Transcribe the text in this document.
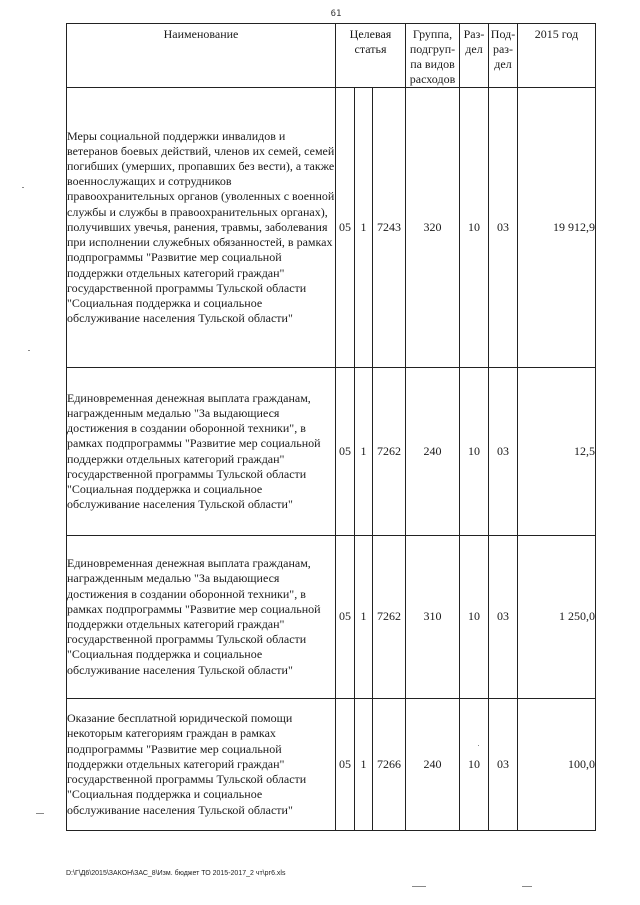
61
Наименование	Целевая статья			Группа, подгруп-па видов расходов	Раз-дел	Под-раз-дел	2015 год
Меры социальной поддержки инвалидов и ветеранов боевых действий, членов их семей, семей погибших (умерших, пропавших без вести), а также военнослужащих и сотрудников правоохранительных органов (уволенных с военной службы и службы в правоохранительных органах), получивших увечья, ранения, травмы, заболевания при исполнении служебных обязанностей, в рамках подпрограммы "Развитие мер социальной поддержки отдельных категорий граждан" государственной программы Тульской области "Социальная поддержка и социальное обслуживание населения Тульской области"	05	1	7243	320	10	03	19 912,9
Единовременная денежная выплата гражданам, награжденным медалью "За выдающиеся достижения в создании оборонной техники", в рамках подпрограммы "Развитие мер социальной поддержки отдельных категорий граждан" государственной программы Тульской области "Социальная поддержка и социальное обслуживание населения Тульской области"	05	1	7262	240	10	03	12,5
Единовременная денежная выплата гражданам, награжденным медалью "За выдающиеся достижения в создании оборонной техники", в рамках подпрограммы "Развитие мер социальной поддержки отдельных категорий граждан" государственной программы Тульской области "Социальная поддержка и социальное обслуживание населения Тульской области"	05	1	7262	310	10	03	1 250,0
Оказание бесплатной юридической помощи некоторым категориям граждан в рамках подпрограммы "Развитие мер социальной поддержки отдельных категорий граждан" государственной программы Тульской области "Социальная поддержка и социальное обслуживание населения Тульской области"	05	1	7266	240	10	03	100,0
D:\Г\Д6\2015\ЗАКОН\ЗАС_8\Изм. бюджет ТО 2015-2017_2 чт\рг6.xls
